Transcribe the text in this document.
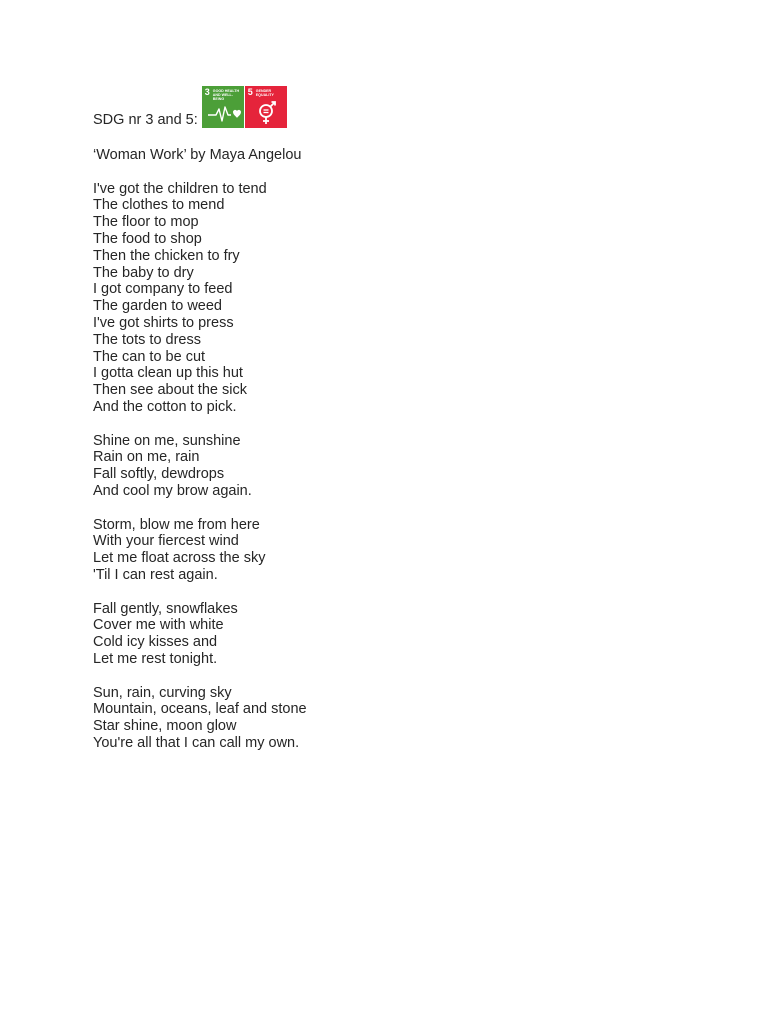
SDG nr 3 and 5:
3 GOOD HEALTH AND WELL-BEING
5 GENDER EQUALITY
‘Woman Work’ by Maya Angelou
I've got the children to tend
The clothes to mend
The floor to mop
The food to shop
Then the chicken to fry
The baby to dry
I got company to feed
The garden to weed
I've got shirts to press
The tots to dress
The can to be cut
I gotta clean up this hut
Then see about the sick
And the cotton to pick.
Shine on me, sunshine
Rain on me, rain
Fall softly, dewdrops
And cool my brow again.
Storm, blow me from here
With your fiercest wind
Let me float across the sky
'Til I can rest again.
Fall gently, snowflakes
Cover me with white
Cold icy kisses and
Let me rest tonight.
Sun, rain, curving sky
Mountain, oceans, leaf and stone
Star shine, moon glow
You're all that I can call my own.
